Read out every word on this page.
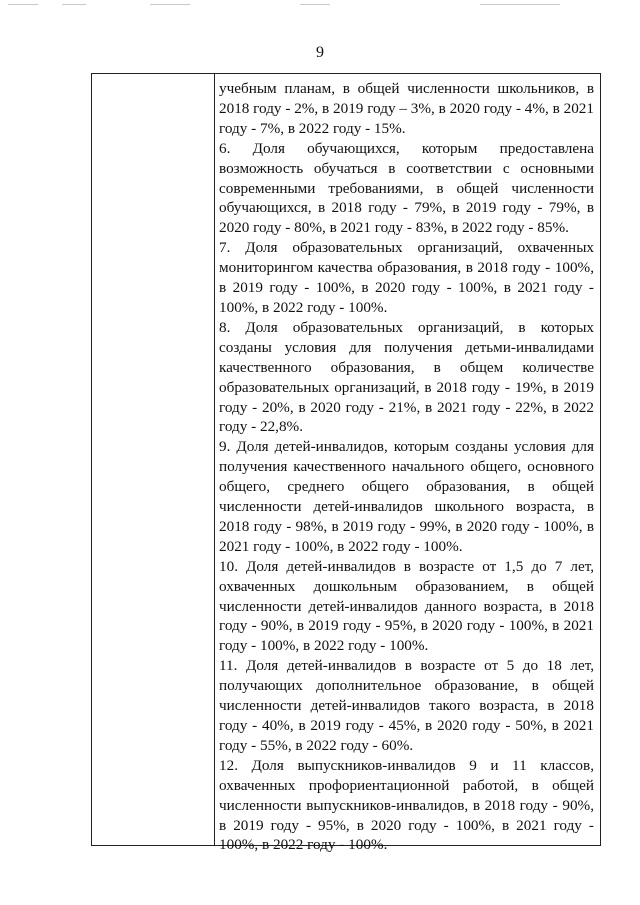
9

учебным планам, в общей численности школьников, в 2018 году - 2%, в 2019 году – 3%, в 2020 году - 4%, в 2021 году - 7%, в 2022 году - 15%.

6. Доля обучающихся, которым предоставлена возможность обучаться в соответствии с основными современными требованиями, в общей численности обучающихся, в 2018 году - 79%, в 2019 году - 79%, в 2020 году - 80%, в 2021 году - 83%, в 2022 году - 85%.

7. Доля образовательных организаций, охваченных мониторингом качества образования, в 2018 году - 100%, в 2019 году - 100%, в 2020 году - 100%, в 2021 году - 100%, в 2022 году - 100%.

8. Доля образовательных организаций, в которых созданы условия для получения детьми-инвалидами качественного образования, в общем количестве образовательных организаций, в 2018 году - 19%, в 2019 году - 20%, в 2020 году - 21%, в 2021 году - 22%, в 2022 году - 22,8%.

9. Доля детей-инвалидов, которым созданы условия для получения качественного начального общего, основного общего, среднего общего образования, в общей численности детей-инвалидов школьного возраста, в 2018 году - 98%, в 2019 году - 99%, в 2020 году - 100%, в 2021 году - 100%, в 2022 году - 100%.

10. Доля детей-инвалидов в возрасте от 1,5 до 7 лет, охваченных дошкольным образованием, в общей численности детей-инвалидов данного возраста, в 2018 году - 90%, в 2019 году - 95%, в 2020 году - 100%, в 2021 году - 100%, в 2022 году - 100%.

11. Доля детей-инвалидов в возрасте от 5 до 18 лет, получающих дополнительное образование, в общей численности детей-инвалидов такого возраста, в 2018 году - 40%, в 2019 году - 45%, в 2020 году - 50%, в 2021 году - 55%, в 2022 году - 60%.

12. Доля выпускников-инвалидов 9 и 11 классов, охваченных профориентационной работой, в общей численности выпускников-инвалидов, в 2018 году - 90%, в 2019 году - 95%, в 2020 году - 100%, в 2021 году - 100%, в 2022 году - 100%.
